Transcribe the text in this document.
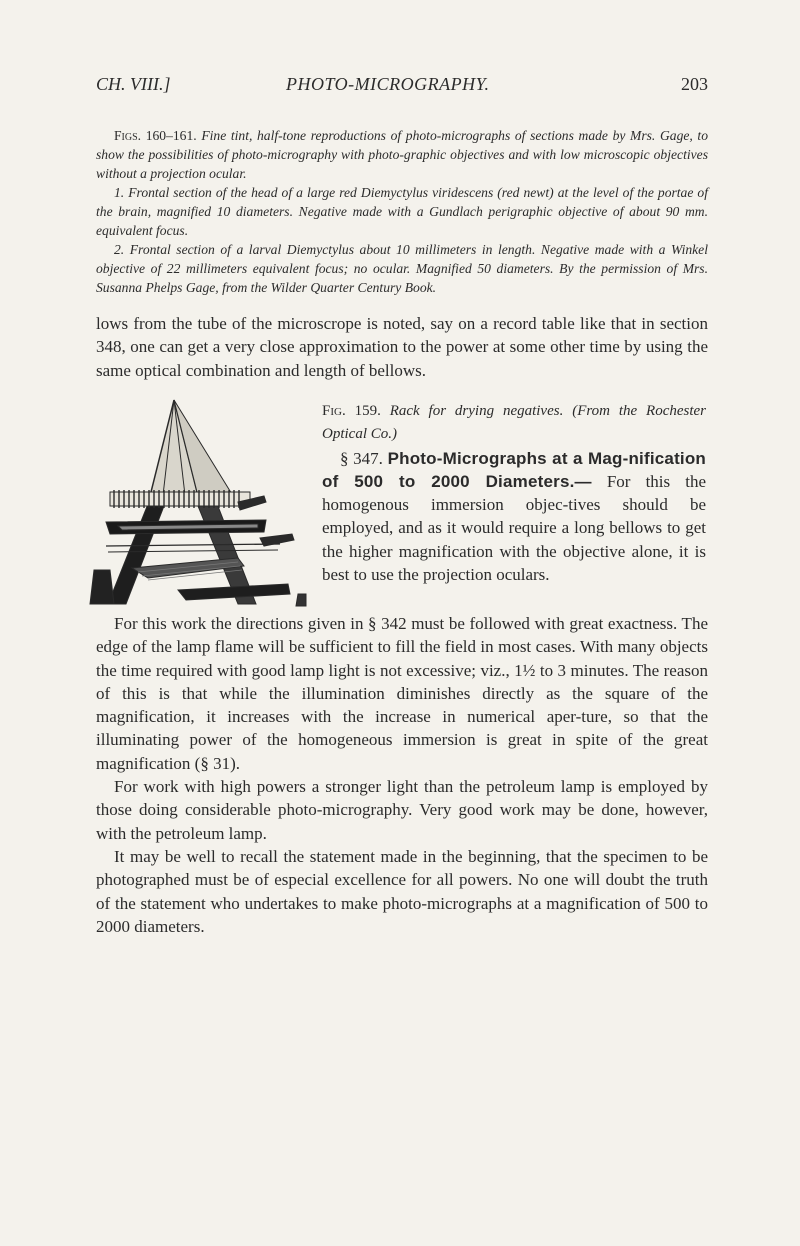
CH. VIII.]	PHOTO-MICROGRAPHY.	203

Figs. 160–161. Fine tint, half-tone reproductions of photo-micrographs of sections made by Mrs. Gage, to show the possibilities of photo-micrography with photo-graphic objectives and with low microscopic objectives without a projection ocular.

1. Frontal section of the head of a large red Diemyctylus viridescens (red newt) at the level of the portae of the brain, magnified 10 diameters. Negative made with a Gundlach perigraphic objective of about 90 mm. equivalent focus.

2. Frontal section of a larval Diemyctylus about 10 millimeters in length. Negative made with a Winkel objective of 22 millimeters equivalent focus; no ocular. Magnified 50 diameters. By the permission of Mrs. Susanna Phelps Gage, from the Wilder Quarter Century Book.

lows from the tube of the microscrope is noted, say on a record table like that in section 348, one can get a very close approximation to the power at some other time by using the same optical combination and length of bellows.

Fig. 159. Rack for drying negatives. (From the Rochester Optical Co.)

§ 347. Photo-Micrographs at a Mag-nification of 500 to 2000 Diameters.— For this the homogenous immersion objec-tives should be employed, and as it would require a long bellows to get the higher magnification with the objective alone, it is best to use the projection oculars.

For this work the directions given in § 342 must be followed with great exactness. The edge of the lamp flame will be sufficient to fill the field in most cases. With many objects the time required with good lamp light is not excessive; viz., 1½ to 3 minutes. The reason of this is that while the illumination diminishes directly as the square of the magnification, it increases with the increase in numerical aper-ture, so that the illuminating power of the homogeneous immersion is great in spite of the great magnification (§ 31).

For work with high powers a stronger light than the petroleum lamp is employed by those doing considerable photo-micrography. Very good work may be done, however, with the petroleum lamp.

It may be well to recall the statement made in the beginning, that the specimen to be photographed must be of especial excellence for all powers. No one will doubt the truth of the statement who undertakes to make photo-micrographs at a magnification of 500 to 2000 diameters.
